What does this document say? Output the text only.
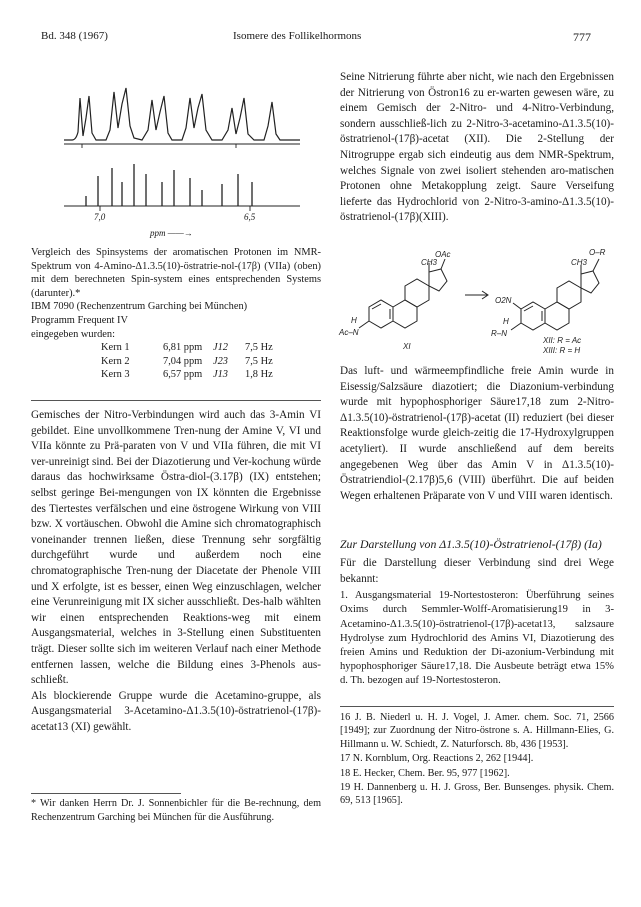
Bd. 348 (1967)	Isomere des Follikelhormons	777
7,0	6,5
ppm ——→

Vergleich des Spinsystems der aromatischen Protonen im NMR-Spektrum von 4-Amino-Δ1.3.5(10)-östratrie-nol-(17β) (VIIa) (oben) mit dem berechneten Spin-system eines entsprechenden Systems (darunter).*

IBM 7090 (Rechenzentrum Garching bei München)

Programm Frequent IV

eingegeben wurden:

Kern 1	6,81 ppm	J12	7,5 Hz
Kern 2	7,04 ppm	J23	7,5 Hz
Kern 3	6,57 ppm	J13	1,8 Hz
Gemisches der Nitro-Verbindungen wird auch das 3-Amin VI gebildet. Eine unvollkommene Tren-nung der Amine V, VI und VIIa könnte zu Prä-paraten von V und VIIa führen, die mit VI ver-unreinigt sind. Bei der Diazotierung und Ver-kochung würde daraus das hochwirksame Östra-diol-(3.17β) (IX) entstehen; selbst geringe Bei-mengungen von IX könnten die Ergebnisse des Tiertestes verfälschen und eine östrogene Wirkung von VIII bzw. X vortäuschen. Obwohl die Amine sich chromatographisch voneinander trennen ließen, diese Trennung sehr sorgfältig durchgeführt wurde und außerdem noch eine chromatographische Tren-nung der Diacetate der Phenole VIII und X erfolgte, ist es besser, einen Weg einzuschlagen, welcher eine Verunreinigung mit IX sicher ausschließt. Des-halb wählten wir einen entsprechenden Reaktions-weg mit einem Ausgangsmaterial, welches in 3-Stellung einen Substituenten trägt. Dieser sollte sich im weiteren Verlauf nach einer Methode entfernen lassen, welche die Bildung eines 3-Phenols aus-schließt.
Als blockierende Gruppe wurde die Acetamino-gruppe, als Ausgangsmaterial 3-Acetamino-Δ1.3.5(10)-östratrienol-(17β)-acetat13 (XI) gewählt.
* Wir danken Herrn Dr. J. Sonnenbichler für die Be-rechnung, dem Rechenzentrum Garching bei München für die Ausführung.
Seine Nitrierung führte aber nicht, wie nach den Ergebnissen der Nitrierung von Östron16 zu er-warten gewesen wäre, zu einem Gemisch der 2-Nitro- und 4-Nitro-Verbindung, sondern ausschließ-lich zu 2-Nitro-3-acetamino-Δ1.3.5(10)-östratrienol-(17β)-acetat (XII). Die 2-Stellung der Nitrogruppe ergab sich eindeutig aus dem NMR-Spektrum, welches Signale von zwei isoliert stehenden aro-matischen Protonen ohne Metakopplung zeigt. Saure Verseifung lieferte das Hydrochlorid von 2-Nitro-3-amino-Δ1.3.5(10)-östratrienol-(17β)(XIII).
OAc
CH3
H
Ac–N
XI
O–R
CH3
O2N
H
R–N
XII: R = Ac
XIII: R = H
Das luft- und wärmeempfindliche freie Amin wurde in Eisessig/Salzsäure diazotiert; die Diazonium-verbindung wurde mit hypophosphoriger Säure17,18 zum 2-Nitro-Δ1.3.5(10)-östratrienol-(17β)-acetat (II) reduziert (bei dieser Reaktionsfolge wurde gleich-zeitig die 17-Hydroxylgruppen acetyliert). II wurde anschließend auf dem bereits angegebenen Weg über das Amin V in Δ1.3.5(10)-Östratriendiol-(2.17β)5,6 (VIII) überführt. Die auf beiden Wegen erhaltenen Präparate von V und VIII waren identisch.
Zur Darstellung von Δ1.3.5(10)-Östratrienol-(17β) (Ia)
Für die Darstellung dieser Verbindung sind drei Wege bekannt:
1. Ausgangsmaterial 19-Nortestosteron: Überführung seines Oxims durch Semmler-Wolff-Aromatisierung19 in 3-Acetamino-Δ1.3.5(10)-östratrienol-(17β)-acetat13, salzsaure Hydrolyse zum Hydrochlorid des Amins VI, Diazotierung des freien Amins und Reduktion der Di-azonium-Verbindung mit hypophosphoriger Säure17,18. Die Ausbeute beträgt etwa 15% d. Th. bezogen auf 19-Nortestosteron.

16 J. B. Niederl u. H. J. Vogel, J. Amer. chem. Soc. 71, 2566 [1949]; zur Zuordnung der Nitro-östrone s. A. Hillmann-Elies, G. Hillmann u. W. Schiedt, Z. Naturforsch. 8b, 436 [1953].

17 N. Kornblum, Org. Reactions 2, 262 [1944].

18 E. Hecker, Chem. Ber. 95, 977 [1962].

19 H. Dannenberg u. H. J. Gross, Ber. Bunsenges. physik. Chem. 69, 513 [1965].
